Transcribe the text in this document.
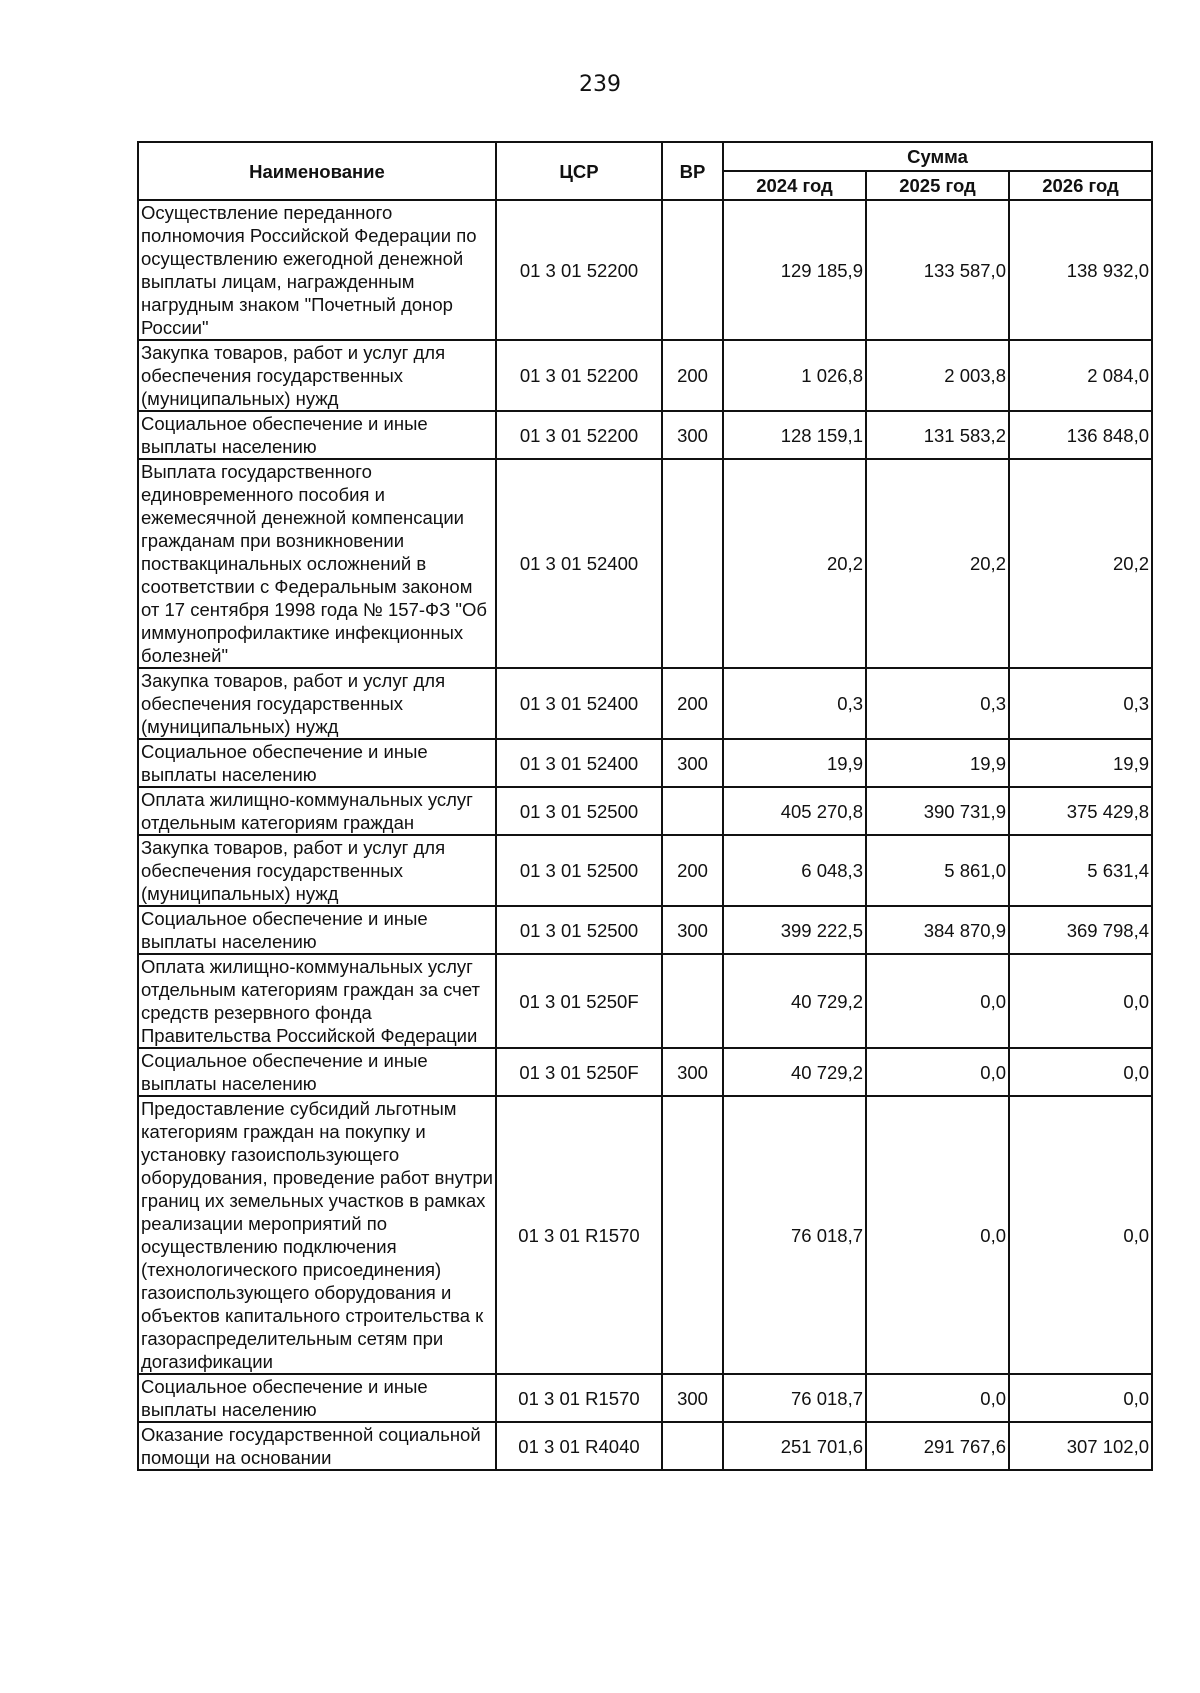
239
Наименование	ЦСР	ВР	Сумма		
			2024 год	2025 год	2026 год
Осуществление переданного полномочия Российской Федерации по осуществлению ежегодной денежной выплаты лицам, награжденным нагрудным знаком "Почетный донор России"	01 3 01 52200		129 185,9	133 587,0	138 932,0
Закупка товаров, работ и услуг для обеспечения государственных (муниципальных) нужд	01 3 01 52200	200	1 026,8	2 003,8	2 084,0
Социальное обеспечение и иные выплаты населению	01 3 01 52200	300	128 159,1	131 583,2	136 848,0
Выплата государственного единовременного пособия и ежемесячной денежной компенсации гражданам при возникновении поствакцинальных осложнений в соответствии с Федеральным законом от 17 сентября 1998 года № 157-ФЗ "Об иммунопрофилактике инфекционных болезней"	01 3 01 52400		20,2	20,2	20,2
Закупка товаров, работ и услуг для обеспечения государственных (муниципальных) нужд	01 3 01 52400	200	0,3	0,3	0,3
Социальное обеспечение и иные выплаты населению	01 3 01 52400	300	19,9	19,9	19,9
Оплата жилищно-коммунальных услуг отдельным категориям граждан	01 3 01 52500		405 270,8	390 731,9	375 429,8
Закупка товаров, работ и услуг для обеспечения государственных (муниципальных) нужд	01 3 01 52500	200	6 048,3	5 861,0	5 631,4
Социальное обеспечение и иные выплаты населению	01 3 01 52500	300	399 222,5	384 870,9	369 798,4
Оплата жилищно-коммунальных услуг отдельным категориям граждан за счет средств резервного фонда Правительства Российской Федерации	01 3 01 5250F		40 729,2	0,0	0,0
Социальное обеспечение и иные выплаты населению	01 3 01 5250F	300	40 729,2	0,0	0,0
Предоставление субсидий льготным категориям граждан на покупку и установку газоиспользующего оборудования, проведение работ внутри границ их земельных участков в рамках реализации мероприятий по осуществлению подключения (технологического присоединения) газоиспользующего оборудования и объектов капитального строительства к газораспределительным сетям при догазификации	01 3 01 R1570		76 018,7	0,0	0,0
Социальное обеспечение и иные выплаты населению	01 3 01 R1570	300	76 018,7	0,0	0,0
Оказание государственной социальной помощи на основании	01 3 01 R4040		251 701,6	291 767,6	307 102,0
